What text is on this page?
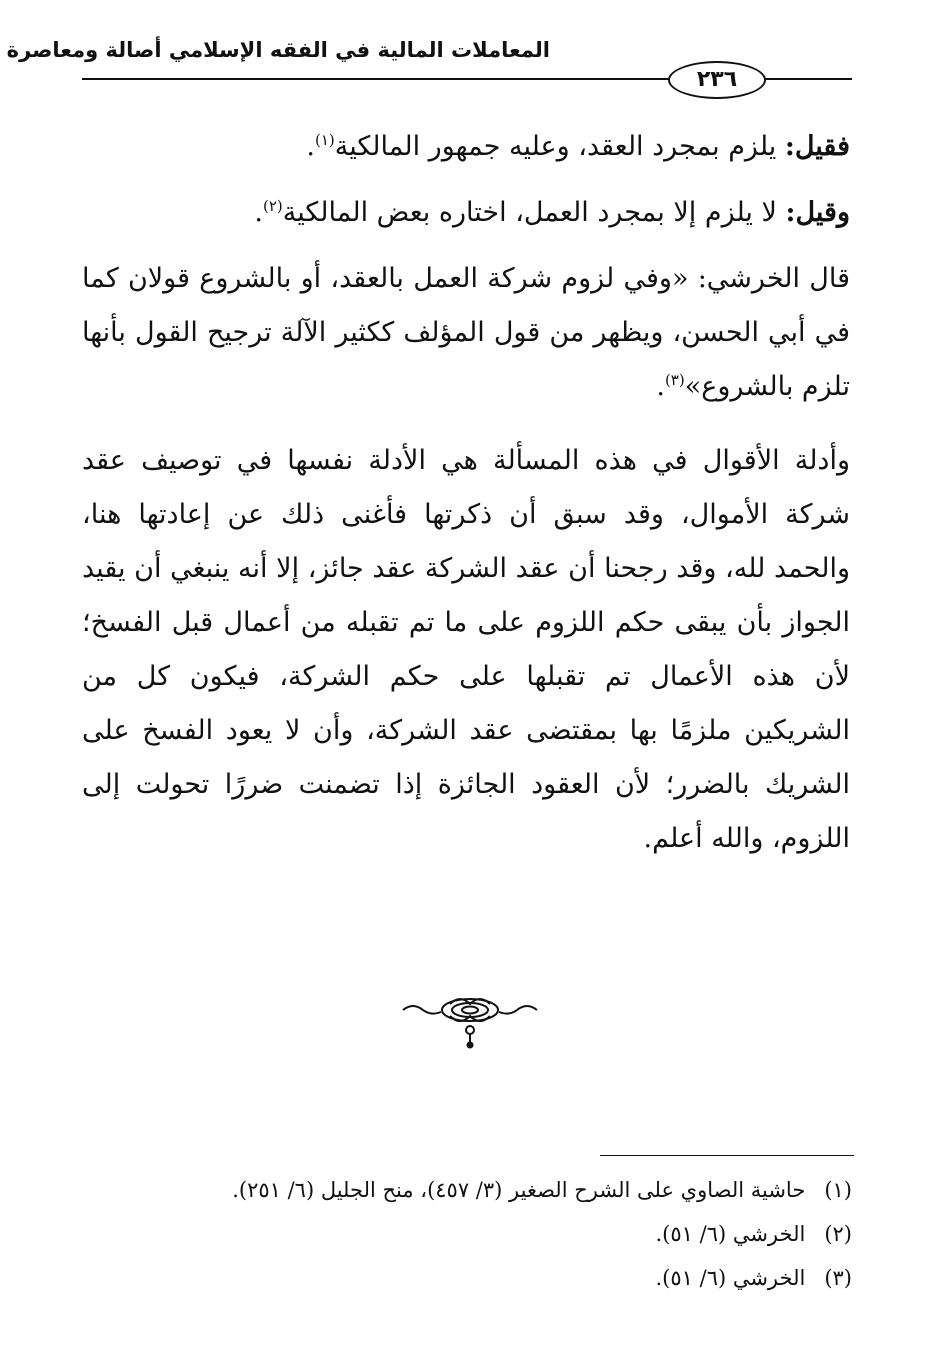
المعاملات المالية في الفقه الإسلامي أصالة ومعاصرة
٢٣٦

فقيل: يلزم بمجرد العقد، وعليه جمهور المالكية$^{(١)}$.

وقيل: لا يلزم إلا بمجرد العمل، اختاره بعض المالكية$^{(٢)}$.

قال الخرشي: «وفي لزوم شركة العمل بالعقد، أو بالشروع قولان كما في أبي الحسن، ويظهر من قول المؤلف ككثير الآلة ترجيح القول بأنها تلزم بالشروع»$^{(٣)}$.

وأدلة الأقوال في هذه المسألة هي الأدلة نفسها في توصيف عقد شركة الأموال، وقد سبق أن ذكرتها فأغنى ذلك عن إعادتها هنا، والحمد لله، وقد رجحنا أن عقد الشركة عقد جائز، إلا أنه ينبغي أن يقيد الجواز بأن يبقى حكم اللزوم على ما تم تقبله من أعمال قبل الفسخ؛ لأن هذه الأعمال تم تقبلها على حكم الشركة، فيكون كل من الشريكين ملزمًا بها بمقتضى عقد الشركة، وأن لا يعود الفسخ على الشريك بالضرر؛ لأن العقود الجائزة إذا تضمنت ضررًا تحولت إلى اللزوم، والله أعلم.

(١) حاشية الصاوي على الشرح الصغير (٣/ ٤٥٧)، منح الجليل (٦/ ٢٥١).
(٢) الخرشي (٦/ ٥١).
(٣) الخرشي (٦/ ٥١).
